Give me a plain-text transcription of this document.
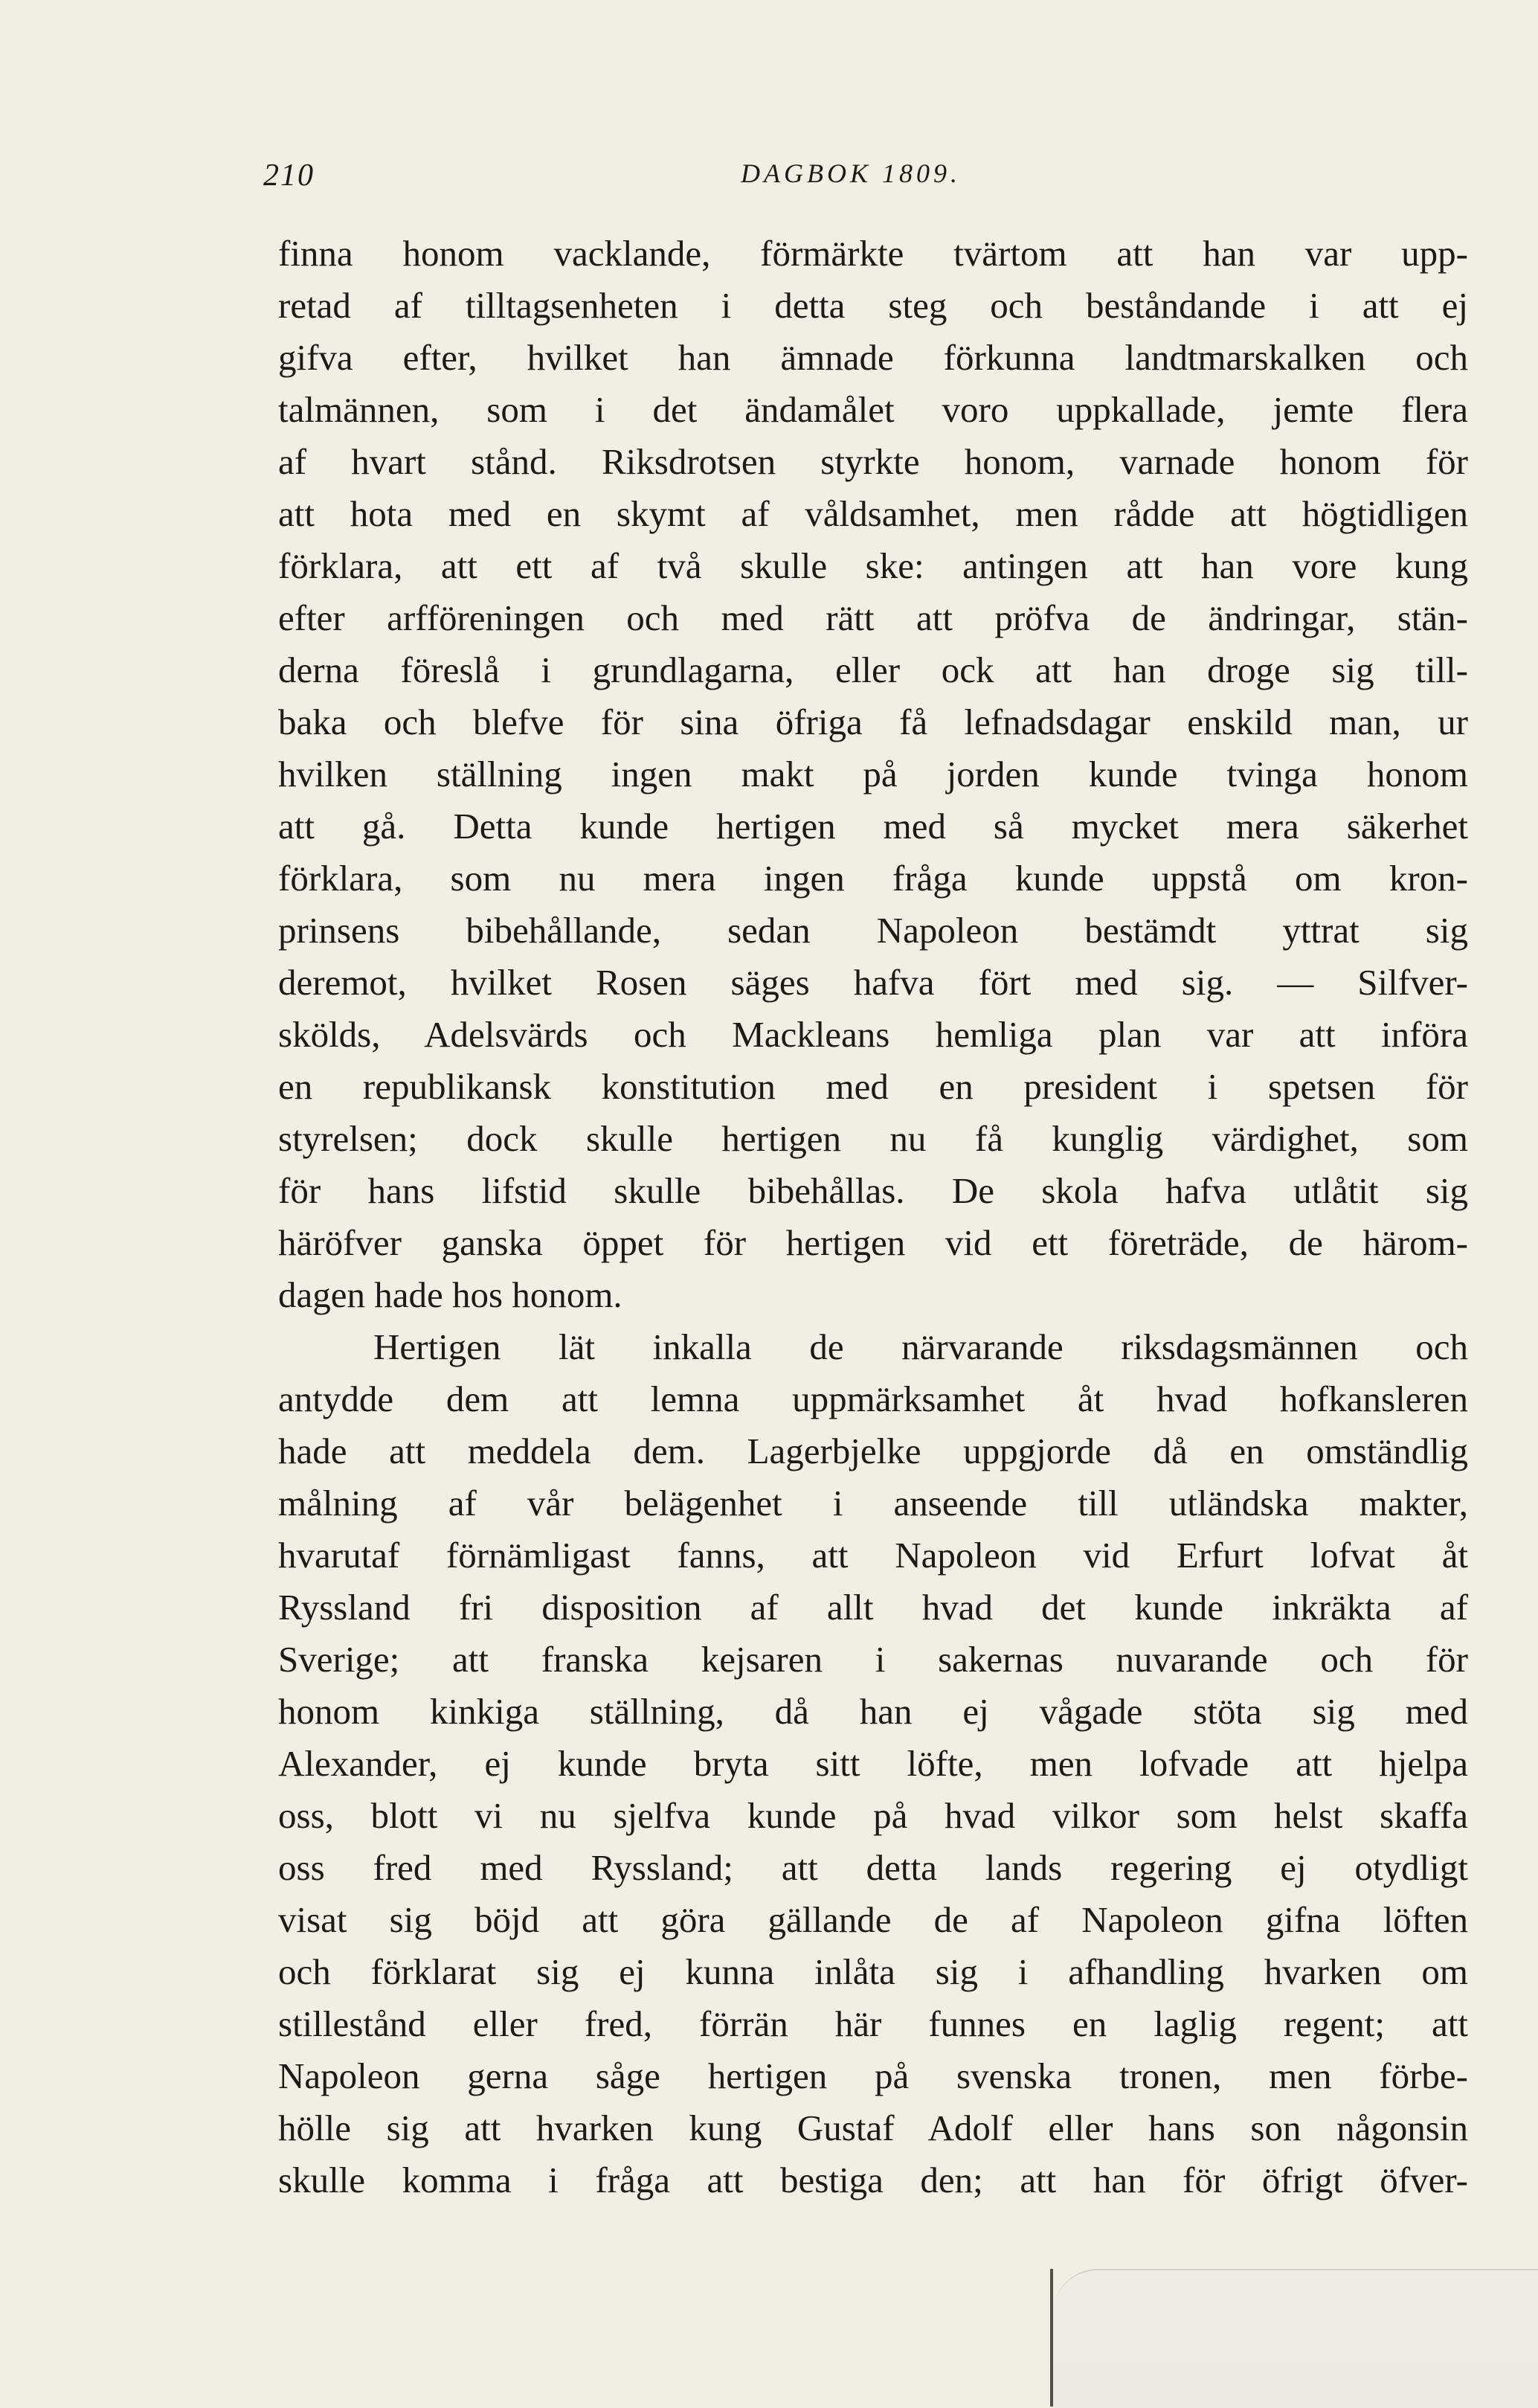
210	DAGBOK 1809.
finna honom vacklande, förmärkte tvärtom att han var upp-
retad af tilltagsenheten i detta steg och beståndande i att ej
gifva efter, hvilket han ämnade förkunna landtmarskalken och
talmännen, som i det ändamålet voro uppkallade, jemte flera
af hvart stånd. Riksdrotsen styrkte honom, varnade honom för
att hota med en skymt af våldsamhet, men rådde att högtidligen
förklara, att ett af två skulle ske: antingen att han vore kung
efter arfföreningen och med rätt att pröfva de ändringar, stän-
derna föreslå i grundlagarna, eller ock att han droge sig till-
baka och blefve för sina öfriga få lefnadsdagar enskild man, ur
hvilken ställning ingen makt på jorden kunde tvinga honom
att gå. Detta kunde hertigen med så mycket mera säkerhet
förklara, som nu mera ingen fråga kunde uppstå om kron-
prinsens bibehållande, sedan Napoleon bestämdt yttrat sig
deremot, hvilket Rosen säges hafva fört med sig. — Silfver-
skölds, Adelsvärds och Mackleans hemliga plan var att införa
en republikansk konstitution med en president i spetsen för
styrelsen; dock skulle hertigen nu få kunglig värdighet, som
för hans lifstid skulle bibehållas. De skola hafva utlåtit sig
häröfver ganska öppet för hertigen vid ett företräde, de härom-
dagen hade hos honom.
Hertigen lät inkalla de närvarande riksdagsmännen och
antydde dem att lemna uppmärksamhet åt hvad hofkansleren
hade att meddela dem. Lagerbjelke uppgjorde då en omständlig
målning af vår belägenhet i anseende till utländska makter,
hvarutaf förnämligast fanns, att Napoleon vid Erfurt lofvat åt
Ryssland fri disposition af allt hvad det kunde inkräkta af
Sverige; att franska kejsaren i sakernas nuvarande och för
honom kinkiga ställning, då han ej vågade stöta sig med
Alexander, ej kunde bryta sitt löfte, men lofvade att hjelpa
oss, blott vi nu sjelfva kunde på hvad vilkor som helst skaffa
oss fred med Ryssland; att detta lands regering ej otydligt
visat sig böjd att göra gällande de af Napoleon gifna löften
och förklarat sig ej kunna inlåta sig i afhandling hvarken om
stillestånd eller fred, förrän här funnes en laglig regent; att
Napoleon gerna såge hertigen på svenska tronen, men förbe-
hölle sig att hvarken kung Gustaf Adolf eller hans son någonsin
skulle komma i fråga att bestiga den; att han för öfrigt öfver-
